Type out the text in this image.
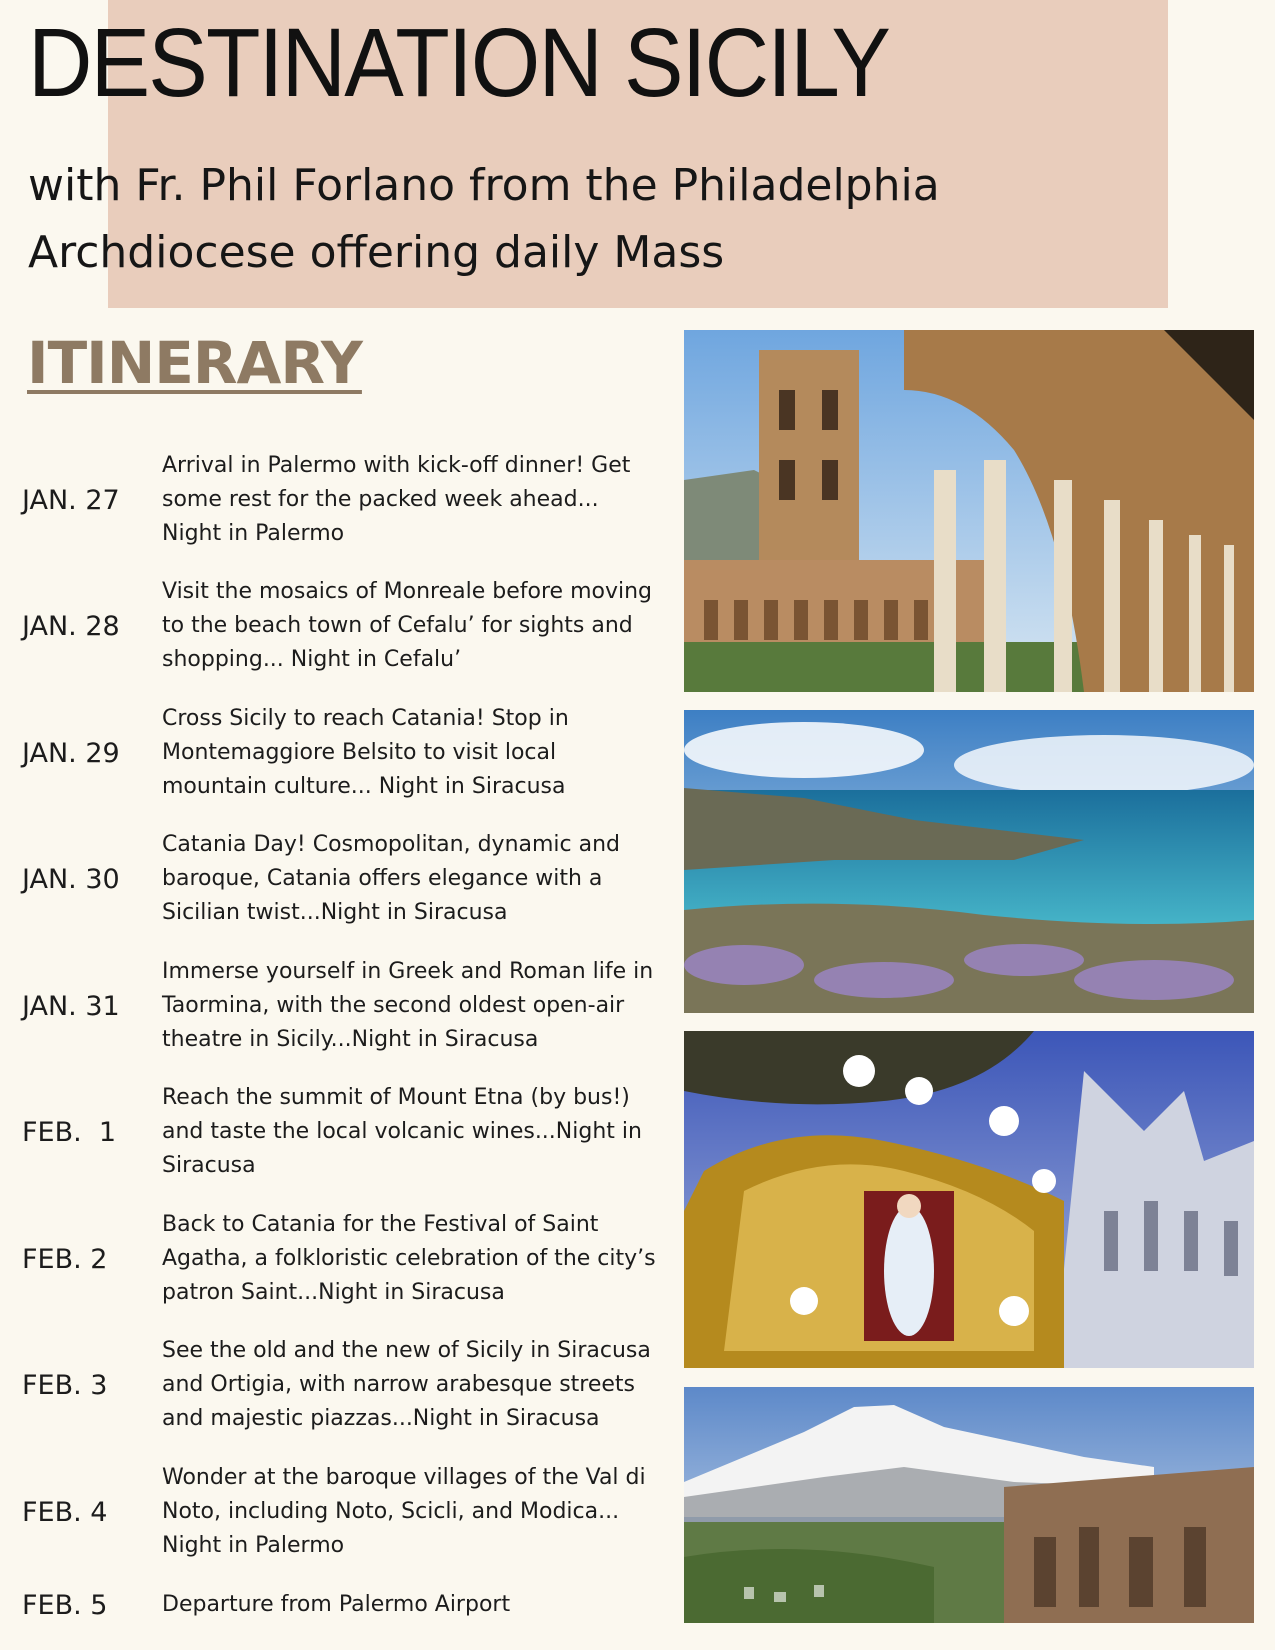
DESTINATION SICILY
with Fr. Phil Forlano from the Philadelphia Archdiocese offering daily Mass
ITINERARY
JAN. 27
Arrival in Palermo with kick-off dinner! Get some rest for the packed week ahead... Night in Palermo
JAN. 28
Visit the mosaics of Monreale before moving to the beach town of Cefalu’ for sights and shopping... Night in Cefalu’
JAN. 29
Cross Sicily to reach Catania! Stop in Montemaggiore Belsito to visit local mountain culture... Night in Siracusa
JAN. 30
Catania Day! Cosmopolitan, dynamic and baroque, Catania offers elegance with a Sicilian twist...Night in Siracusa
JAN. 31
Immerse yourself in Greek and Roman life in Taormina, with the second oldest open-air theatre in Sicily...Night in Siracusa
FEB.  1
Reach the summit of Mount Etna (by bus!) and taste the local volcanic wines...Night in Siracusa
FEB. 2
Back to Catania for the Festival of Saint Agatha, a folkloristic celebration of the city’s patron Saint...Night in Siracusa
FEB. 3
See the old and the new of Sicily in Siracusa and Ortigia, with narrow arabesque streets and majestic piazzas...Night in Siracusa
FEB. 4
Wonder at the baroque villages of the Val di Noto, including Noto, Scicli, and Modica... Night in Palermo
FEB. 5	Departure from Palermo Airport
